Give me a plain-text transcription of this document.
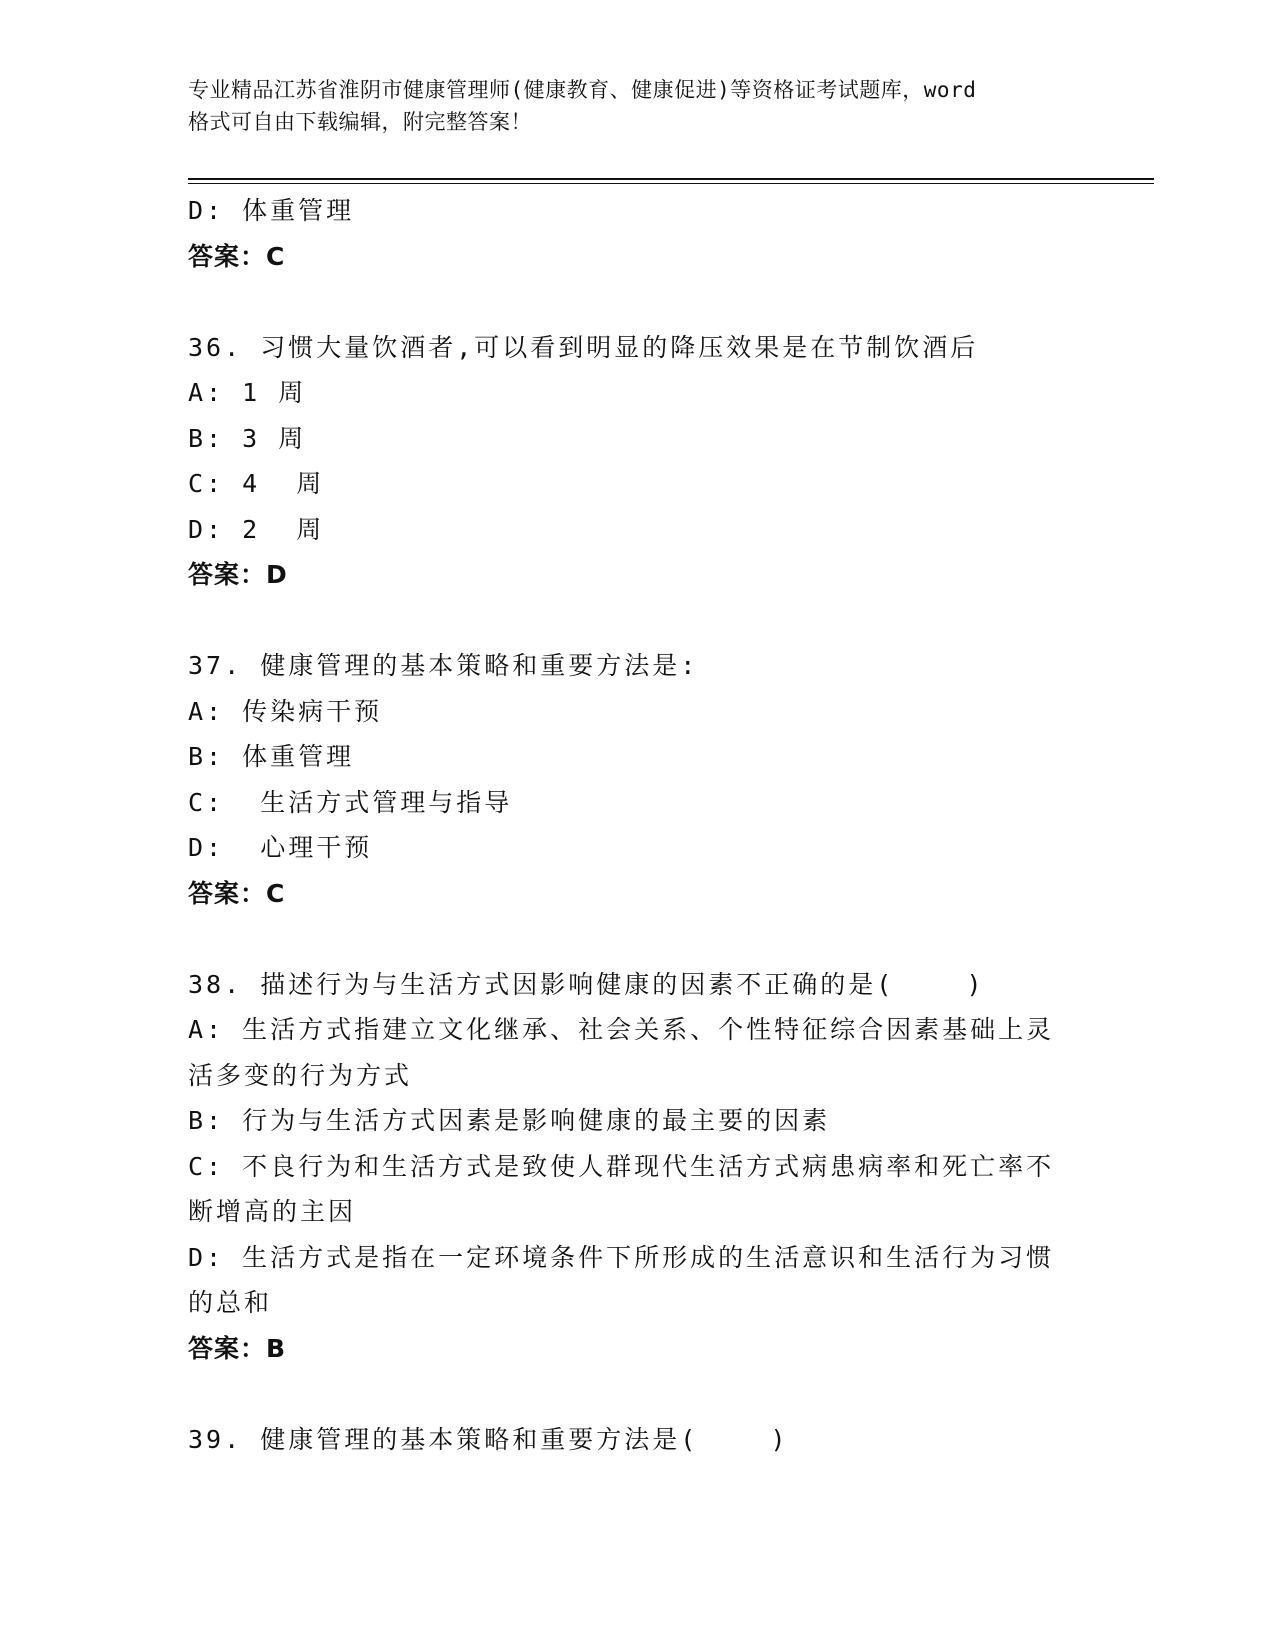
专业精品江苏省淮阴市健康管理师(健康教育、健康促进)等资格证考试题库，word
格式可自由下载编辑，附完整答案！
D: 体重管理
答案：C
36. 习惯大量饮酒者,可以看到明显的降压效果是在节制饮酒后
A: 1 周
B: 3 周
C: 4  周
D: 2  周
答案：D
37. 健康管理的基本策略和重要方法是:
A: 传染病干预
B: 体重管理
C:  生活方式管理与指导
D:  心理干预
答案：C
38. 描述行为与生活方式因影响健康的因素不正确的是(    )
A: 生活方式指建立文化继承、社会关系、个性特征综合因素基础上灵
活多变的行为方式
B: 行为与生活方式因素是影响健康的最主要的因素
C: 不良行为和生活方式是致使人群现代生活方式病患病率和死亡率不
断增高的主因
D: 生活方式是指在一定环境条件下所形成的生活意识和生活行为习惯
的总和
答案：B
39. 健康管理的基本策略和重要方法是(    )
